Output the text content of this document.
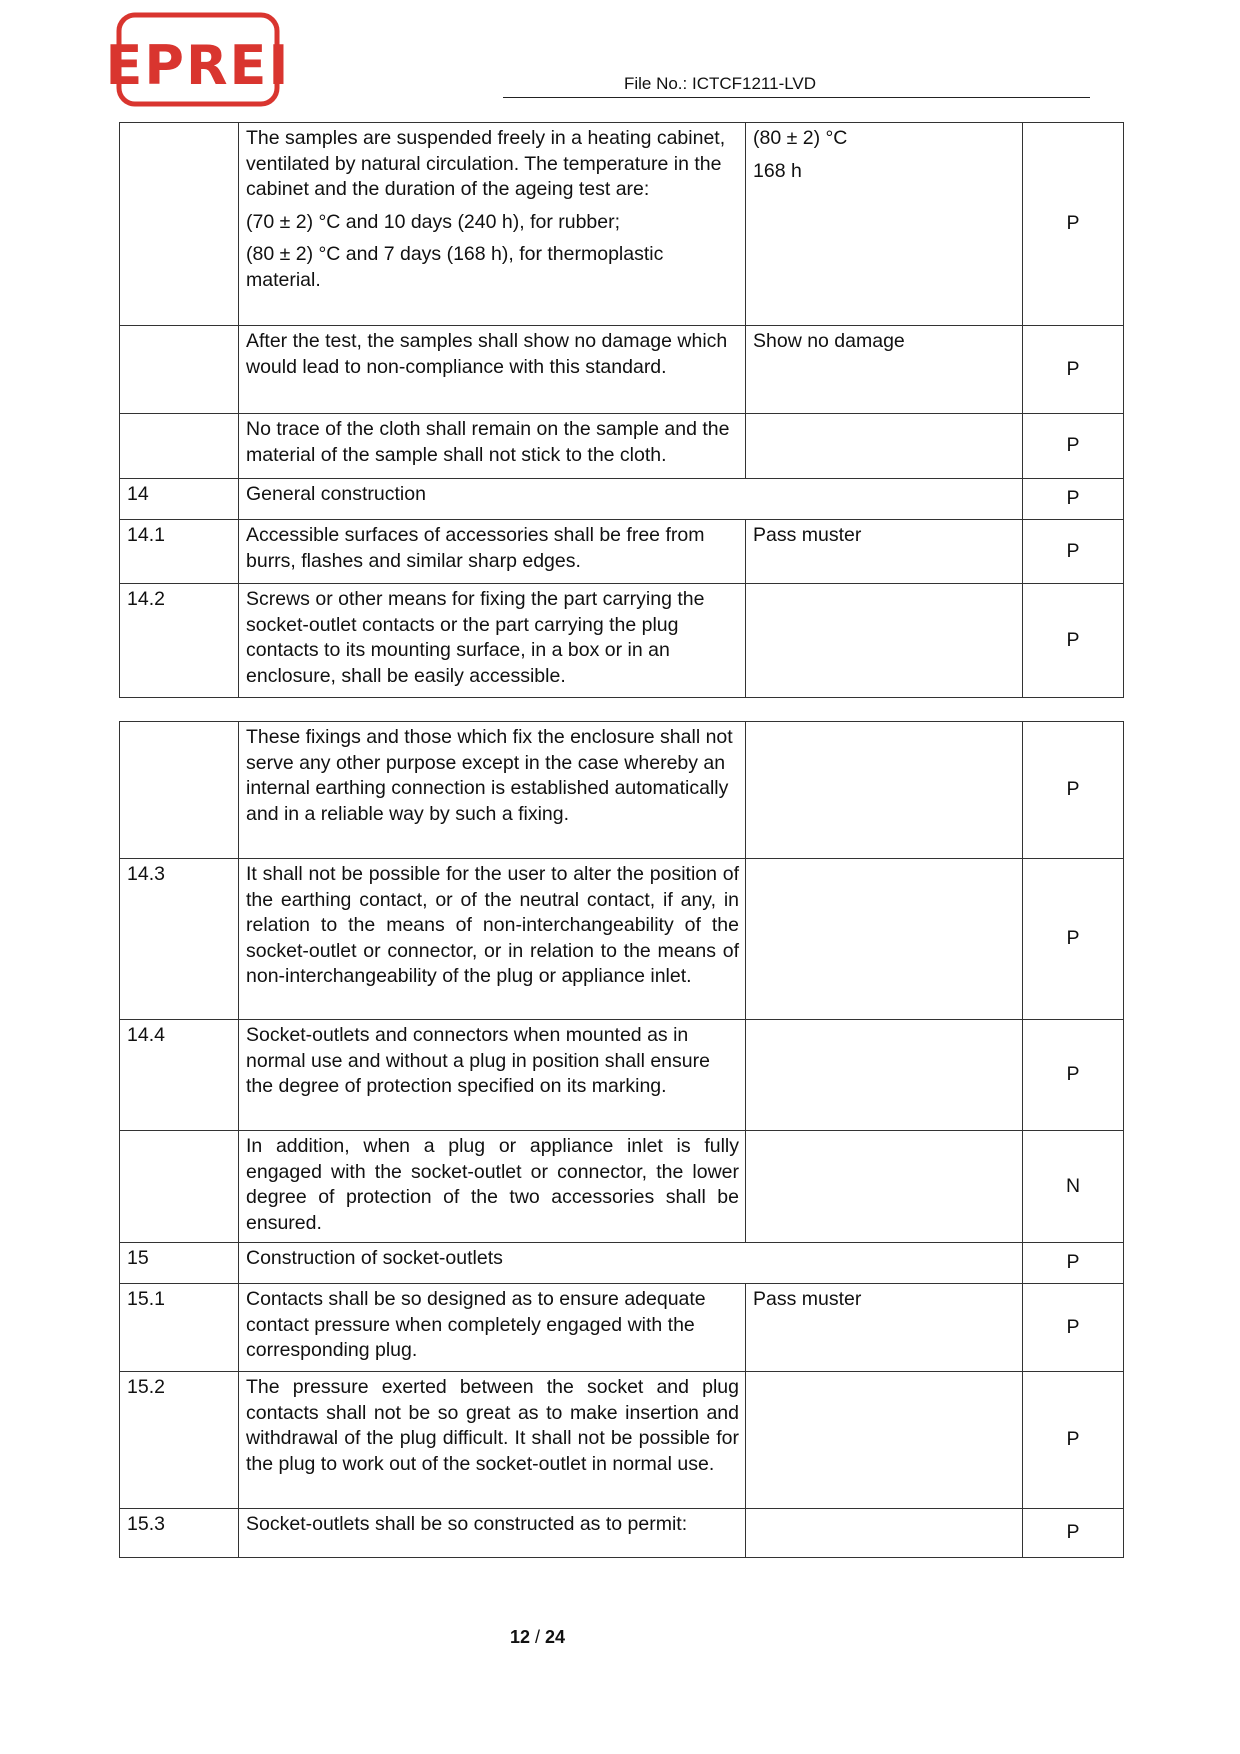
EPREI	File No.: ICTCF1211-LVD

	The samples are suspended freely in a heating cabinet, ventilated by natural circulation. The temperature in the cabinet and the duration of the ageing test are:
(70 ± 2) °C and 10 days (240 h), for rubber;
(80 ± 2) °C and 7 days (168 h), for thermoplastic material.	(80 ± 2) °C
168 h	P
	After the test, the samples shall show no damage which would lead to non-compliance with this standard.	Show no damage	P
	No trace of the cloth shall remain on the sample and the material of the sample shall not stick to the cloth.		P
14	General construction		P
14.1	Accessible surfaces of accessories shall be free from burrs, flashes and similar sharp edges.	Pass muster	P
14.2	Screws or other means for fixing the part carrying the socket-outlet contacts or the part carrying the plug contacts to its mounting surface, in a box or in an enclosure, shall be easily accessible.		P
	These fixings and those which fix the enclosure shall not serve any other purpose except in the case whereby an internal earthing connection is established automatically and in a reliable way by such a fixing.		P
14.3	It shall not be possible for the user to alter the position of the earthing contact, or of the neutral contact, if any, in relation to the means of non-interchangeability of the socket-outlet or connector, or in relation to the means of non-interchangeability of the plug or appliance inlet.		P
14.4	Socket-outlets and connectors when mounted as in normal use and without a plug in position shall ensure the degree of protection specified on its marking.		P
	In addition, when a plug or appliance inlet is fully engaged with the socket-outlet or connector, the lower degree of protection of the two accessories shall be ensured.		N
15	Construction of socket-outlets		P
15.1	Contacts shall be so designed as to ensure adequate contact pressure when completely engaged with the corresponding plug.	Pass muster	P
15.2	The pressure exerted between the socket and plug contacts shall not be so great as to make insertion and withdrawal of the plug difficult. It shall not be possible for the plug to work out of the socket-outlet in normal use.		P
15.3	Socket-outlets shall be so constructed as to permit:		P
12 / 24
